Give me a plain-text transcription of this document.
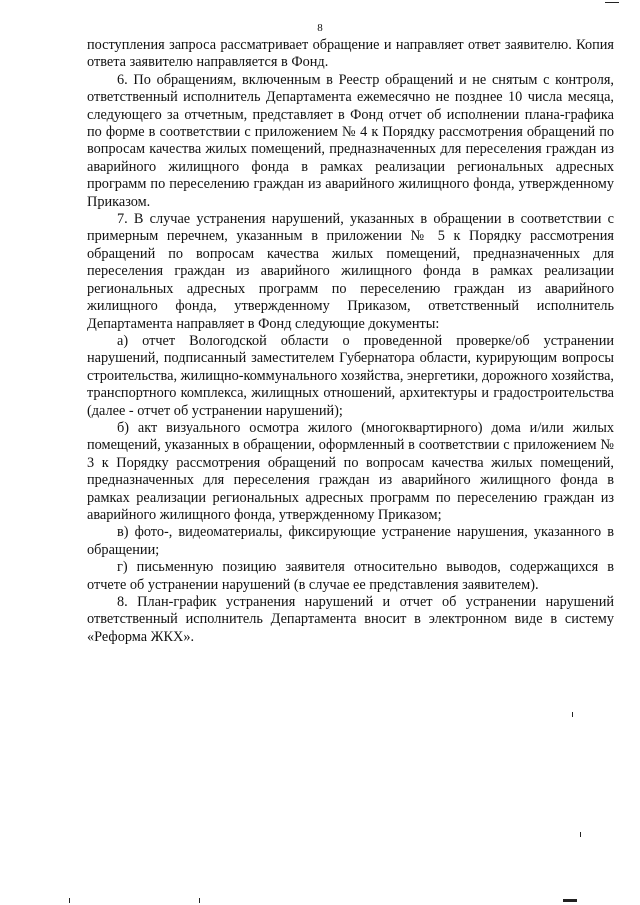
8

поступления запроса рассматривает обращение и направляет ответ заявителю. Копия ответа заявителю направляется в Фонд.

6. По обращениям, включенным в Реестр обращений и не снятым с контроля, ответственный исполнитель Департамента ежемесячно не позднее 10 числа месяца, следующего за отчетным, представляет в Фонд отчет об исполнении плана-графика по форме в соответствии с приложением № 4 к Порядку рассмотрения обращений по вопросам качества жилых помещений, предназначенных для переселения граждан из аварийного жилищного фонда в рамках реализации региональных адресных программ по переселению граждан из аварийного жилищного фонда, утвержденному Приказом.

7. В случае устранения нарушений, указанных в обращении в соответствии с примерным перечнем, указанным в приложении № 5 к Порядку рассмотрения обращений по вопросам качества жилых помещений, предназначенных для переселения граждан из аварийного жилищного фонда в рамках реализации региональных адресных программ по переселению граждан из аварийного жилищного фонда, утвержденному Приказом, ответственный исполнитель Департамента направляет в Фонд следующие документы:

а) отчет Вологодской области о проведенной проверке/об устранении нарушений, подписанный заместителем Губернатора области, курирующим вопросы строительства, жилищно-коммунального хозяйства, энергетики, дорожного хозяйства, транспортного комплекса, жилищных отношений, архитектуры и градостроительства (далее - отчет об устранении нарушений);

б) акт визуального осмотра жилого (многоквартирного) дома и/или жилых помещений, указанных в обращении, оформленный в соответствии с приложением № 3 к Порядку рассмотрения обращений по вопросам качества жилых помещений, предназначенных для переселения граждан из аварийного жилищного фонда в рамках реализации региональных адресных программ по переселению граждан из аварийного жилищного фонда, утвержденному Приказом;

в) фото-, видеоматериалы, фиксирующие устранение нарушения, указанного в обращении;

г) письменную позицию заявителя относительно выводов, содержащихся в отчете об устранении нарушений (в случае ее представления заявителем).

8. План-график устранения нарушений и отчет об устранении нарушений ответственный исполнитель Департамента вносит в электронном виде в систему «Реформа ЖКХ».
